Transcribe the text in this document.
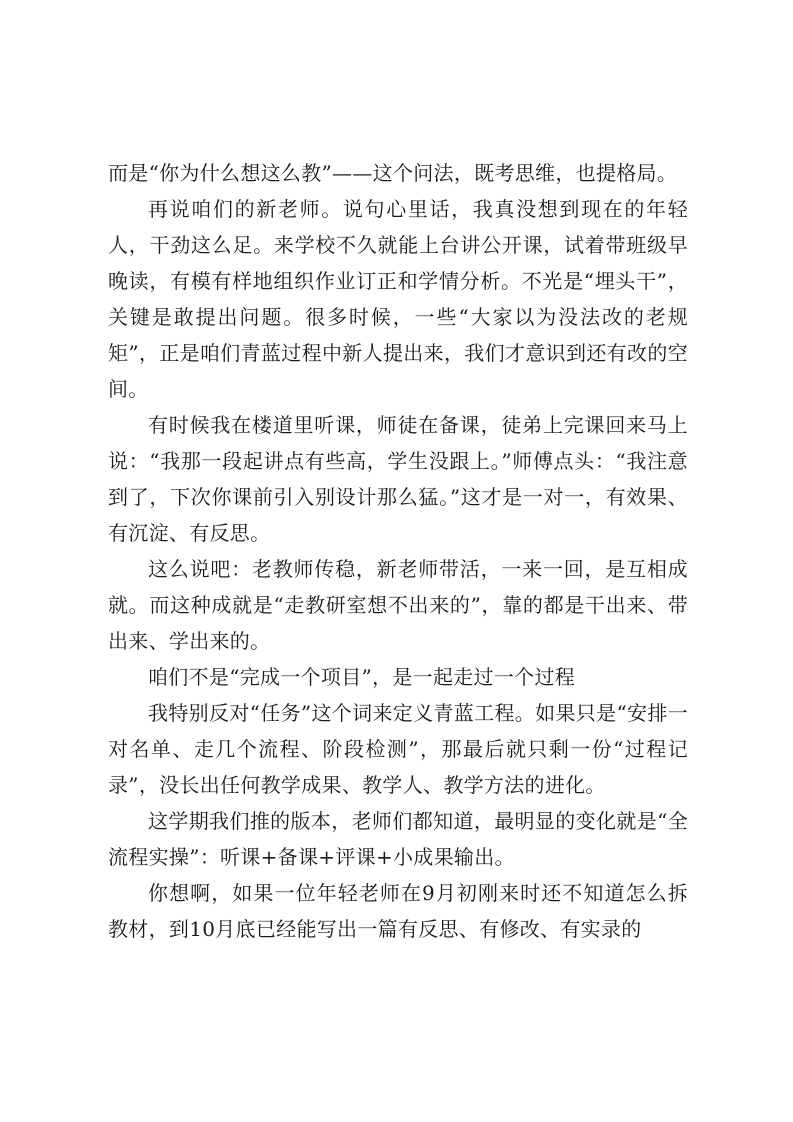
而是“你为什么想这么教”——这个问法，既考思维，也提格局。

再说咱们的新老师。说句心里话，我真没想到现在的年轻人，干劲这么足。来学校不久就能上台讲公开课，试着带班级早晚读，有模有样地组织作业订正和学情分析。不光是“埋头干”，关键是敢提出问题。很多时候，一些“大家以为没法改的老规矩”，正是咱们青蓝过程中新人提出来，我们才意识到还有改的空间。

有时候我在楼道里听课，师徒在备课，徒弟上完课回来马上说：“我那一段起讲点有些高，学生没跟上。”师傅点头：“我注意到了，下次你课前引入别设计那么猛。”这才是一对一，有效果、有沉淀、有反思。

这么说吧：老教师传稳，新老师带活，一来一回，是互相成就。而这种成就是“走教研室想不出来的”，靠的都是干出来、带出来、学出来的。

咱们不是“完成一个项目”，是一起走过一个过程

我特别反对“任务”这个词来定义青蓝工程。如果只是“安排一对名单、走几个流程、阶段检测”，那最后就只剩一份“过程记录”，没长出任何教学成果、教学人、教学方法的进化。

这学期我们推的版本，老师们都知道，最明显的变化就是“全流程实操”：听课+备课+评课+小成果输出。

你想啊，如果一位年轻老师在9月初刚来时还不知道怎么拆教材，到10月底已经能写出一篇有反思、有修改、有实录的
